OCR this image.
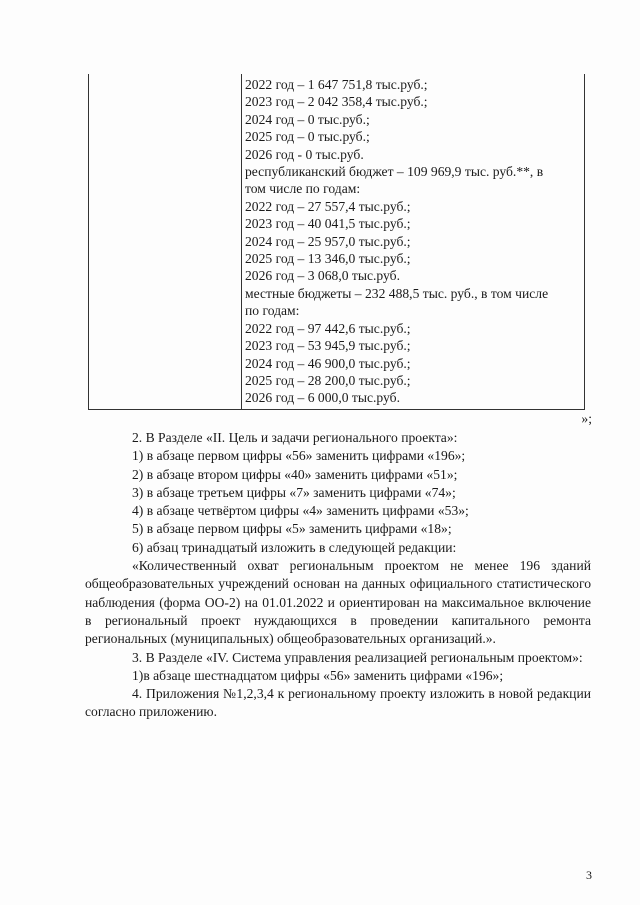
2022 год – 1 647 751,8 тыс.руб.;
2023 год – 2 042 358,4 тыс.руб.;
2024 год – 0 тыс.руб.;
2025 год – 0 тыс.руб.;
2026 год - 0 тыс.руб.
республиканский бюджет – 109 969,9 тыс. руб.**, в
том числе по годам:
2022 год – 27 557,4 тыс.руб.;
2023 год – 40 041,5 тыс.руб.;
2024 год – 25 957,0 тыс.руб.;
2025 год – 13 346,0 тыс.руб.;
2026 год – 3 068,0 тыс.руб.
местные бюджеты – 232 488,5 тыс. руб., в том числе
по годам:
2022 год – 97 442,6 тыс.руб.;
2023 год – 53 945,9 тыс.руб.;
2024 год – 46 900,0 тыс.руб.;
2025 год – 28 200,0 тыс.руб.;
2026 год – 6 000,0 тыс.руб.
»;

2. В Разделе «II. Цель и задачи регионального проекта»:

1) в абзаце первом цифры «56» заменить цифрами «196»;

2) в абзаце втором цифры «40» заменить цифрами «51»;

3) в абзаце третьем цифры «7» заменить цифрами «74»;

4) в абзаце четвёртом цифры «4» заменить цифрами «53»;

5) в абзаце первом цифры «5» заменить цифрами «18»;

6) абзац тринадцатый изложить в следующей редакции:

«Количественный охват региональным проектом не менее 196 зданий общеобразовательных учреждений основан на данных официального статистического наблюдения (форма ОО-2) на 01.01.2022 и ориентирован на максимальное включение в региональный проект нуждающихся в проведении капитального ремонта региональных (муниципальных) общеобразовательных организаций.».

3. В Разделе «IV. Система управления реализацией региональным проектом»:

1)в абзаце шестнадцатом цифры «56» заменить цифрами «196»;

4. Приложения №1,2,3,4 к региональному проекту изложить в новой редакции согласно приложению.

3
